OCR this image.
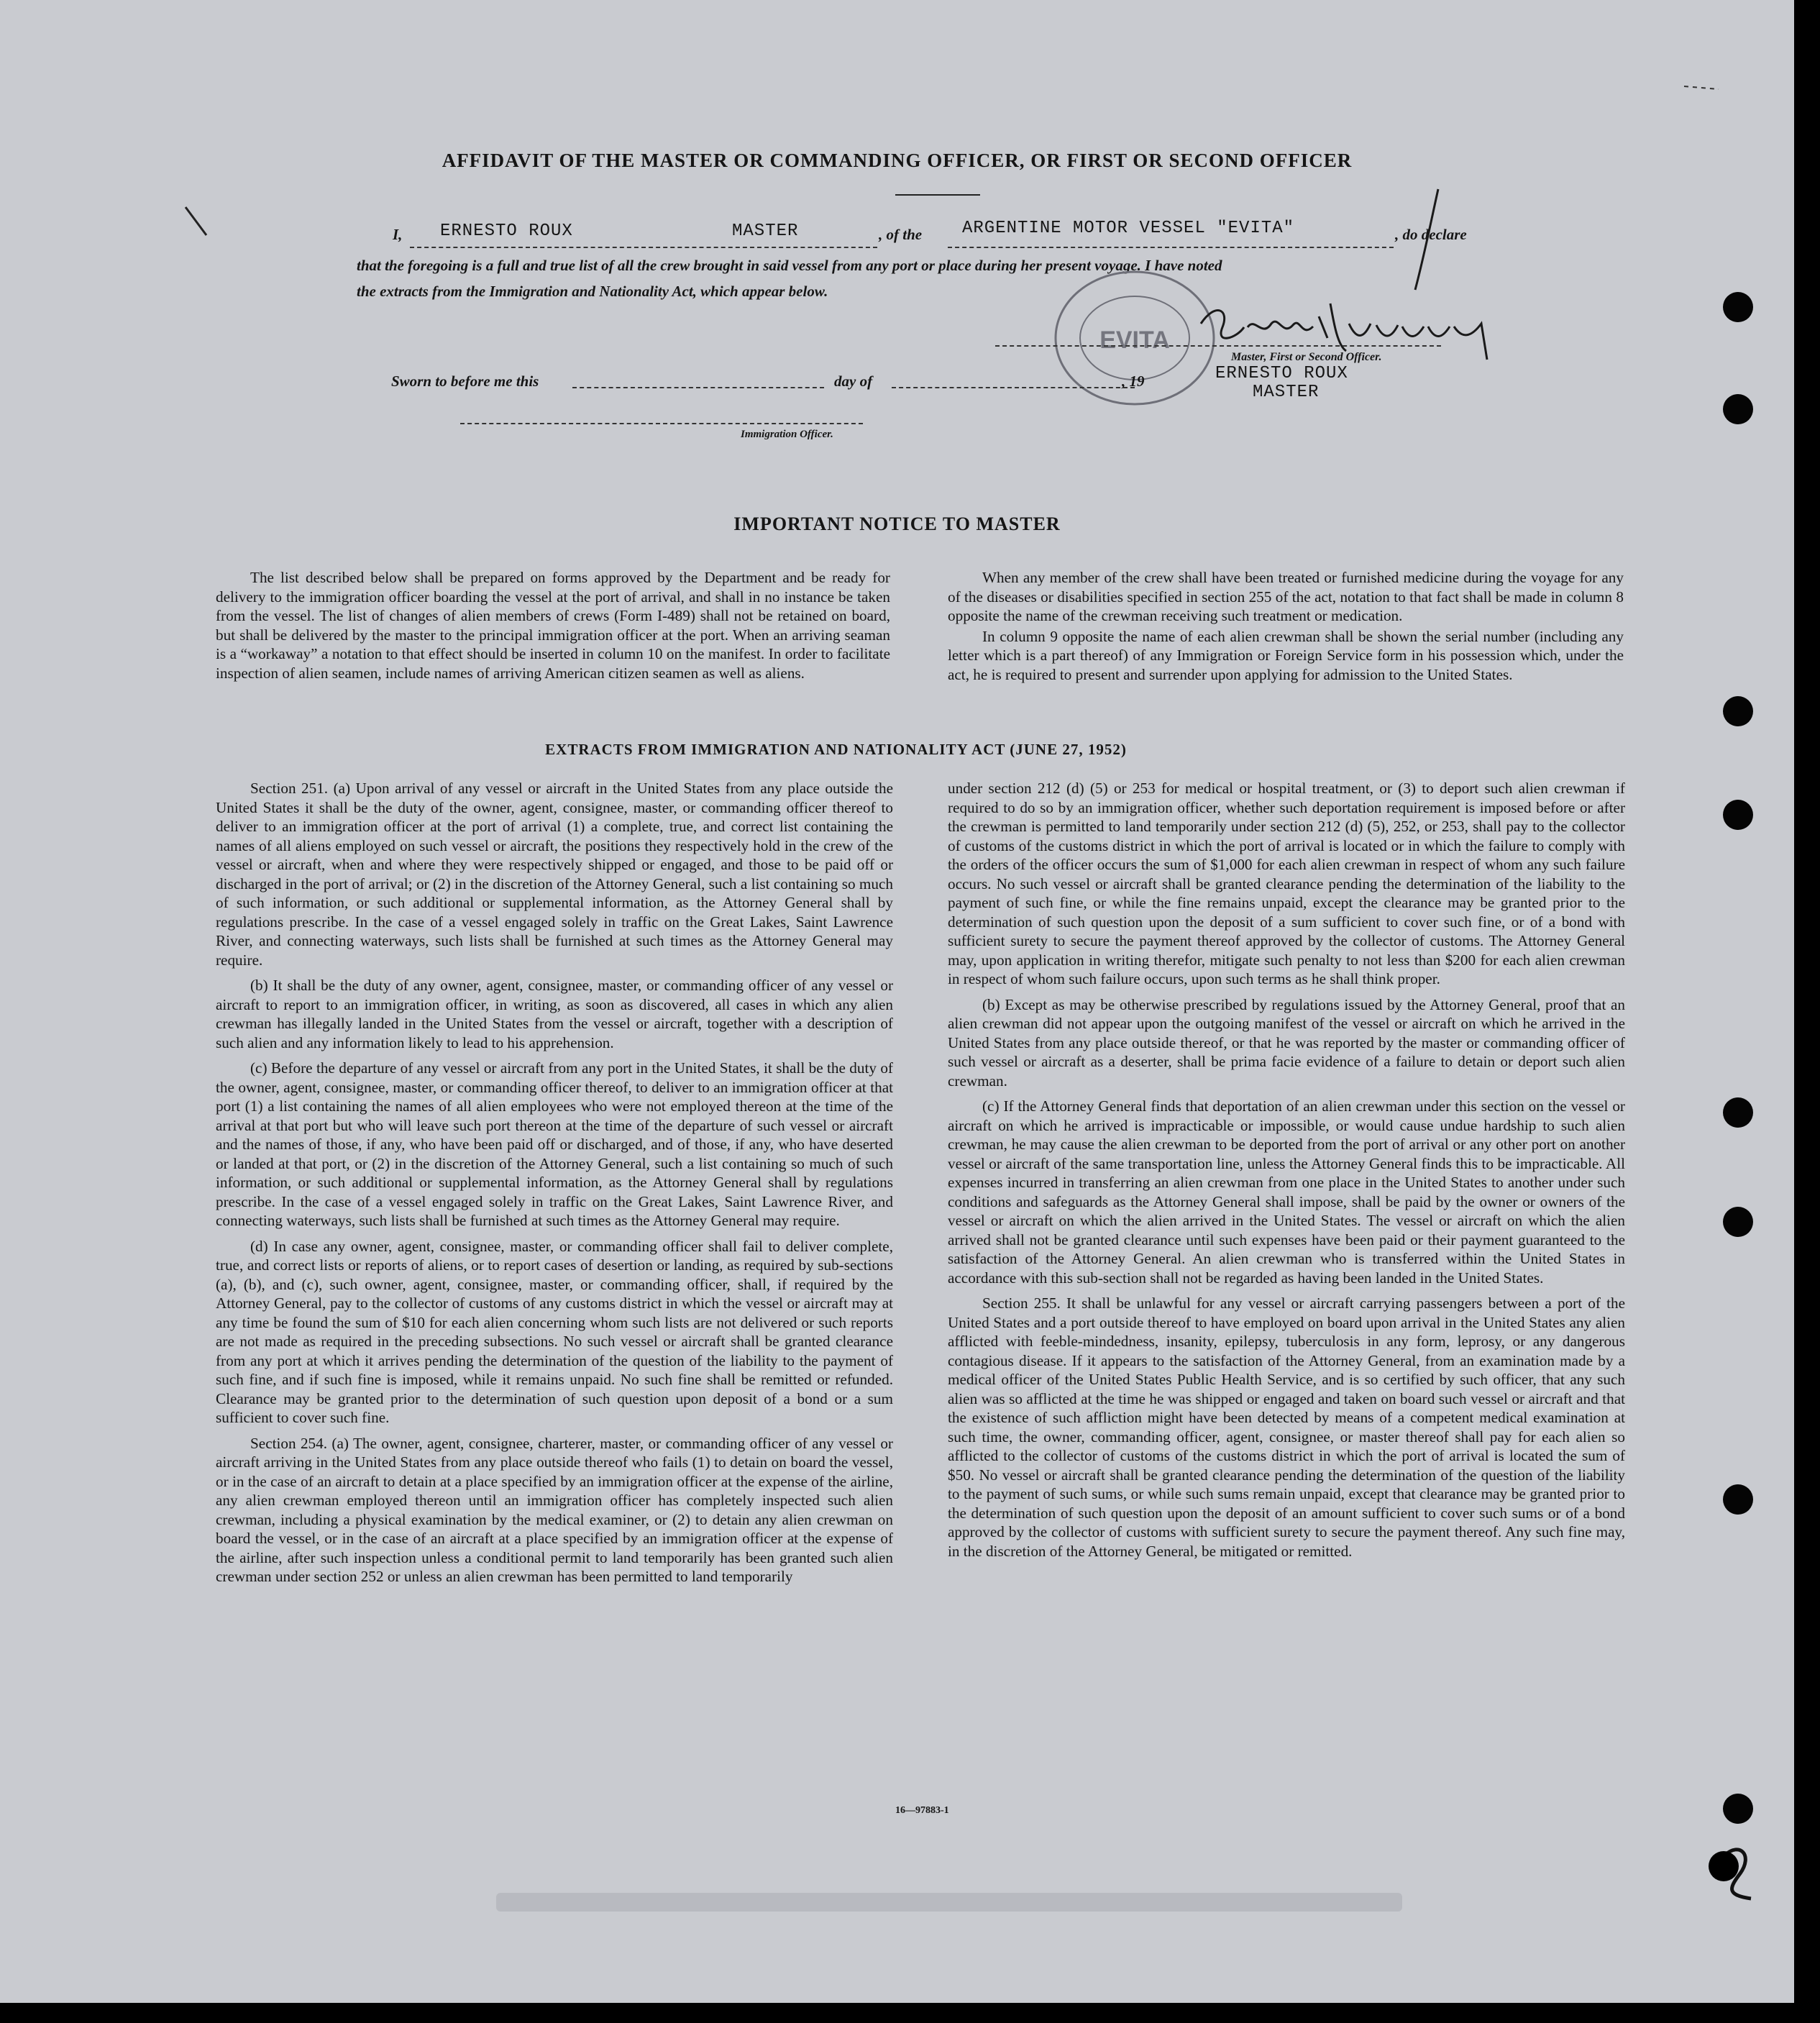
AFFIDAVIT OF THE MASTER OR COMMANDING OFFICER, OR FIRST OR SECOND OFFICER
I, ERNESTO ROUX	MASTER	, of the ARGENTINE MOTOR VESSEL "EVITA"	, do declare
that the foregoing is a full and true list of all the crew brought in said vessel from any port or place during her present voyage. I have noted
the extracts from the Immigration and Nationality Act, which appear below.
EVITA
Master, First or Second Officer.
Sworn to before me this	day of	, 19	ERNESTO ROUX
MASTER
Immigration Officer.
IMPORTANT NOTICE TO MASTER

The list described below shall be prepared on forms approved by the Department and be ready for delivery to the immigration officer boarding the vessel at the port of arrival, and shall in no instance be taken from the vessel. The list of changes of alien members of crews (Form I-489) shall not be retained on board, but shall be delivered by the master to the principal immigration officer at the port. When an arriving seaman is a “workaway” a notation to that effect should be inserted in column 10 on the manifest. In order to facilitate inspection of alien seamen, include names of arriving American citizen seamen as well as aliens.

When any member of the crew shall have been treated or furnished medicine during the voyage for any of the diseases or disabilities specified in section 255 of the act, notation to that fact shall be made in column 8 opposite the name of the crewman receiving such treatment or medication.

In column 9 opposite the name of each alien crewman shall be shown the serial number (including any letter which is a part thereof) of any Immigration or Foreign Service form in his possession which, under the act, he is required to present and surrender upon applying for admission to the United States.

EXTRACTS FROM IMMIGRATION AND NATIONALITY ACT (JUNE 27, 1952)

Section 251. (a) Upon arrival of any vessel or aircraft in the United States from any place outside the United States it shall be the duty of the owner, agent, consignee, master, or commanding officer thereof to deliver to an immigration officer at the port of arrival (1) a complete, true, and correct list containing the names of all aliens employed on such vessel or aircraft, the positions they respectively hold in the crew of the vessel or aircraft, when and where they were respectively shipped or engaged, and those to be paid off or discharged in the port of arrival; or (2) in the discretion of the Attorney General, such a list containing so much of such information, or such additional or supplemental information, as the Attorney General shall by regulations prescribe. In the case of a vessel engaged solely in traffic on the Great Lakes, Saint Lawrence River, and connecting waterways, such lists shall be furnished at such times as the Attorney General may require.

(b) It shall be the duty of any owner, agent, consignee, master, or commanding officer of any vessel or aircraft to report to an immigration officer, in writing, as soon as discovered, all cases in which any alien crewman has illegally landed in the United States from the vessel or aircraft, together with a description of such alien and any information likely to lead to his apprehension.

(c) Before the departure of any vessel or aircraft from any port in the United States, it shall be the duty of the owner, agent, consignee, master, or commanding officer thereof, to deliver to an immigration officer at that port (1) a list containing the names of all alien employees who were not employed thereon at the time of the arrival at that port but who will leave such port thereon at the time of the departure of such vessel or aircraft and the names of those, if any, who have been paid off or discharged, and of those, if any, who have deserted or landed at that port, or (2) in the discretion of the Attorney General, such a list containing so much of such information, or such additional or supplemental information, as the Attorney General shall by regulations prescribe. In the case of a vessel engaged solely in traffic on the Great Lakes, Saint Lawrence River, and connecting waterways, such lists shall be furnished at such times as the Attorney General may require.

(d) In case any owner, agent, consignee, master, or commanding officer shall fail to deliver complete, true, and correct lists or reports of aliens, or to report cases of desertion or landing, as required by sub-sections (a), (b), and (c), such owner, agent, consignee, master, or commanding officer, shall, if required by the Attorney General, pay to the collector of customs of any customs district in which the vessel or aircraft may at any time be found the sum of $10 for each alien concerning whom such lists are not delivered or such reports are not made as required in the preceding subsections. No such vessel or aircraft shall be granted clearance from any port at which it arrives pending the determination of the question of the liability to the payment of such fine, and if such fine is imposed, while it remains unpaid. No such fine shall be remitted or refunded. Clearance may be granted prior to the determination of such question upon deposit of a bond or a sum sufficient to cover such fine.

Section 254. (a) The owner, agent, consignee, charterer, master, or commanding officer of any vessel or aircraft arriving in the United States from any place outside thereof who fails (1) to detain on board the vessel, or in the case of an aircraft to detain at a place specified by an immigration officer at the expense of the airline, any alien crewman employed thereon until an immigration officer has completely inspected such alien crewman, including a physical examination by the medical examiner, or (2) to detain any alien crewman on board the vessel, or in the case of an aircraft at a place specified by an immigration officer at the expense of the airline, after such inspection unless a conditional permit to land temporarily has been granted such alien crewman under section 252 or unless an alien crewman has been permitted to land temporarily

under section 212 (d) (5) or 253 for medical or hospital treatment, or (3) to deport such alien crewman if required to do so by an immigration officer, whether such deportation requirement is imposed before or after the crewman is permitted to land temporarily under section 212 (d) (5), 252, or 253, shall pay to the collector of customs of the customs district in which the port of arrival is located or in which the failure to comply with the orders of the officer occurs the sum of $1,000 for each alien crewman in respect of whom any such failure occurs. No such vessel or aircraft shall be granted clearance pending the determination of the liability to the payment of such fine, or while the fine remains unpaid, except the clearance may be granted prior to the determination of such question upon the deposit of a sum sufficient to cover such fine, or of a bond with sufficient surety to secure the payment thereof approved by the collector of customs. The Attorney General may, upon application in writing therefor, mitigate such penalty to not less than $200 for each alien crewman in respect of whom such failure occurs, upon such terms as he shall think proper.

(b) Except as may be otherwise prescribed by regulations issued by the Attorney General, proof that an alien crewman did not appear upon the outgoing manifest of the vessel or aircraft on which he arrived in the United States from any place outside thereof, or that he was reported by the master or commanding officer of such vessel or aircraft as a deserter, shall be prima facie evidence of a failure to detain or deport such alien crewman.

(c) If the Attorney General finds that deportation of an alien crewman under this section on the vessel or aircraft on which he arrived is impracticable or impossible, or would cause undue hardship to such alien crewman, he may cause the alien crewman to be deported from the port of arrival or any other port on another vessel or aircraft of the same transportation line, unless the Attorney General finds this to be impracticable. All expenses incurred in transferring an alien crewman from one place in the United States to another under such conditions and safeguards as the Attorney General shall impose, shall be paid by the owner or owners of the vessel or aircraft on which the alien arrived in the United States. The vessel or aircraft on which the alien arrived shall not be granted clearance until such expenses have been paid or their payment guaranteed to the satisfaction of the Attorney General. An alien crewman who is transferred within the United States in accordance with this sub-section shall not be regarded as having been landed in the United States.

Section 255. It shall be unlawful for any vessel or aircraft carrying passengers between a port of the United States and a port outside thereof to have employed on board upon arrival in the United States any alien afflicted with feeble-mindedness, insanity, epilepsy, tuberculosis in any form, leprosy, or any dangerous contagious disease. If it appears to the satisfaction of the Attorney General, from an examination made by a medical officer of the United States Public Health Service, and is so certified by such officer, that any such alien was so afflicted at the time he was shipped or engaged and taken on board such vessel or aircraft and that the existence of such affliction might have been detected by means of a competent medical examination at such time, the owner, commanding officer, agent, consignee, or master thereof shall pay for each alien so afflicted to the collector of customs of the customs district in which the port of arrival is located the sum of $50. No vessel or aircraft shall be granted clearance pending the determination of the question of the liability to the payment of such sums, or while such sums remain unpaid, except that clearance may be granted prior to the determination of such question upon the deposit of an amount sufficient to cover such sums or of a bond approved by the collector of customs with sufficient surety to secure the payment thereof. Any such fine may, in the discretion of the Attorney General, be mitigated or remitted.

16—97883-1
